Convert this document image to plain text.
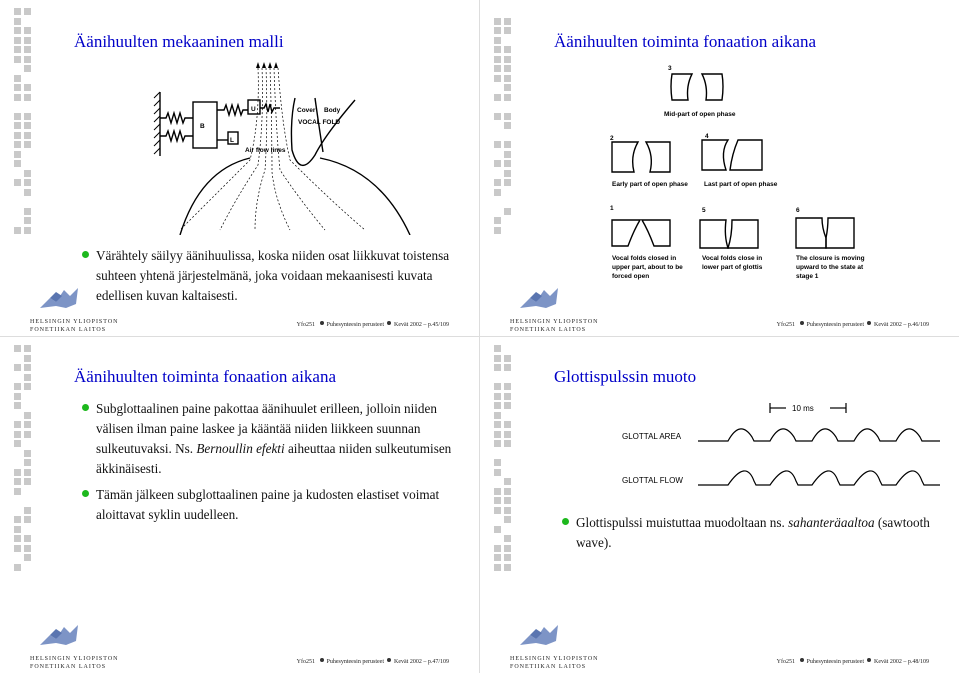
Äänihuulten mekaaninen malli
B
U
L
Cover Body
VOCAL FOLD
Air flow lines
Värähtely säilyy äänihuulissa, koska niiden osat liikkuvat toistensa suhteen yhtenä järjestelmänä, joka voidaan mekaanisesti kuvata edellisen kuvan kaltaisesti.
HELSINGIN YLIOPISTON
FONETIIKAN LAITOS
Yfo251 Puhesynteesin perusteet Kevät 2002 – p.45/109
Äänihuulten toiminta fonaation aikana
3
2	4
1	5	6
Mid-part of open phase
Early part of open phase Last part of open phase
Vocal folds closed in
upper part, about to be
forced open
Vocal folds close in
lower part of glottis
The closure is moving
upward to the state at
stage 1
HELSINGIN YLIOPISTON
FONETIIKAN LAITOS
Yfo251 Puhesynteesin perusteet Kevät 2002 – p.46/109
Äänihuulten toiminta fonaation aikana
Subglottaalinen paine pakottaa äänihuulet erilleen, jolloin niiden välisen ilman paine laskee ja kääntää niiden liikkeen suunnan sulkeutuvaksi. Ns. Bernoullin efekti aiheuttaa niiden sulkeutumisen äkkinäisesti.
Tämän jälkeen subglottaalinen paine ja kudosten elastiset voimat aloittavat syklin uudelleen.
HELSINGIN YLIOPISTON
FONETIIKAN LAITOS
Yfo251 Puhesynteesin perusteet Kevät 2002 – p.47/109
Glottispulssin muoto
10 ms
GLOTTAL AREA
GLOTTAL FLOW
Glottispulssi muistuttaa muodoltaan ns. sahanteräaaltoa (sawtooth wave).
HELSINGIN YLIOPISTON
FONETIIKAN LAITOS
Yfo251 Puhesynteesin perusteet Kevät 2002 – p.48/109
